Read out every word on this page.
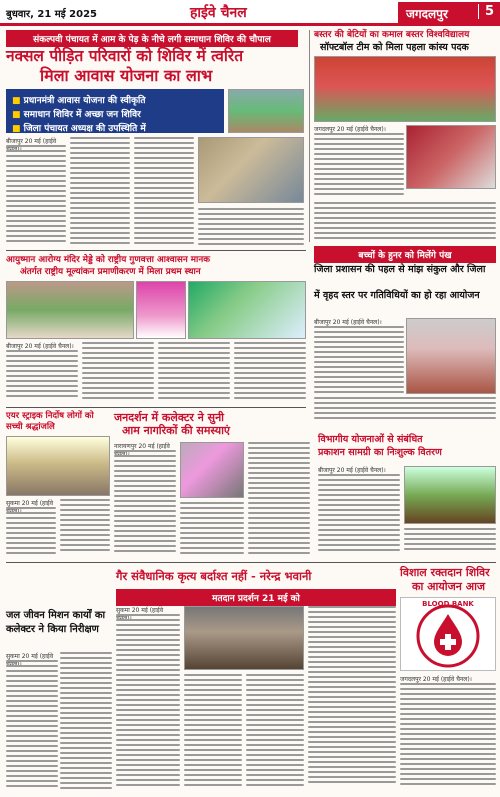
बुधवार, 21 मई 2025	हाईवे चैनल	जगदलपुर	5
संकल्पवी पंचायत में आम के पेड़ के नीचे लगी समाधान शिविर की चौपाल
नक्सल पीड़ित परिवारों को शिविर में त्वरित
मिला आवास योजना का लाभ
■ प्रधानमंत्री आवास योजना की स्वीकृति
■ समाधान शिविर में अच्छा जन शिविर
■ जिला पंचायत अध्यक्ष की उपस्थिति में
बीजापुर 20 मई (हाईवे
बस्तर की बेटियों का कमाल बस्तर विश्वविद्यालय
सॉफ्टबॉल टीम को मिला पहला कांस्य पदक
जगदलपुर 20 मई (हाईवे चैनल)।
बच्चों के हुनर को मिलेंगे पंख
आयुष्मान आरोग्य मंदिर मेड्डे को राष्ट्रीय गुणवत्ता आश्वासन मानक
अंतर्गत राष्ट्रीय मूल्यांकन प्रमाणीकरण में मिला प्रथम स्थान
बीजापुर 20 मई (हाईवे चैनल)।
जिला प्रशासन की पहल से मांझ संकुल और जिला
में वृहद स्तर पर गतिविधियों का हो रहा आयोजन
बीजापुर 20 मई (हाईवे चैनल)।
एयर स्ट्राइक निर्दोष लोगों को सच्ची श्रद्धांजलि
सुकमा 20 मई (हाईवे
जनदर्शन में कलेक्टर ने सुनी
आम नागरिकों की समस्याएं
नारायणपुर 20 मई (हाईवे
विभागीय योजनाओं से संबंधित
प्रकाशन सामग्री का निःशुल्क वितरण
बीजापुर 20 मई (हाईवे चैनल)।
गैर संवैधानिक कृत्य बर्दाश्त नहीं - नरेन्द्र भवानी	विशाल रक्तदान शिविर
का आयोजन आज
BLOOD BANK
जगदलपुर 20 मई (हाईवे चैनल)।
मतदान प्रदर्शन 21 मई को
सुकमा 20 मई (हाईवे
जल जीवन मिशन कार्यों का
कलेक्टर ने किया निरीक्षण
सुकमा 20 मई (हाईवे
